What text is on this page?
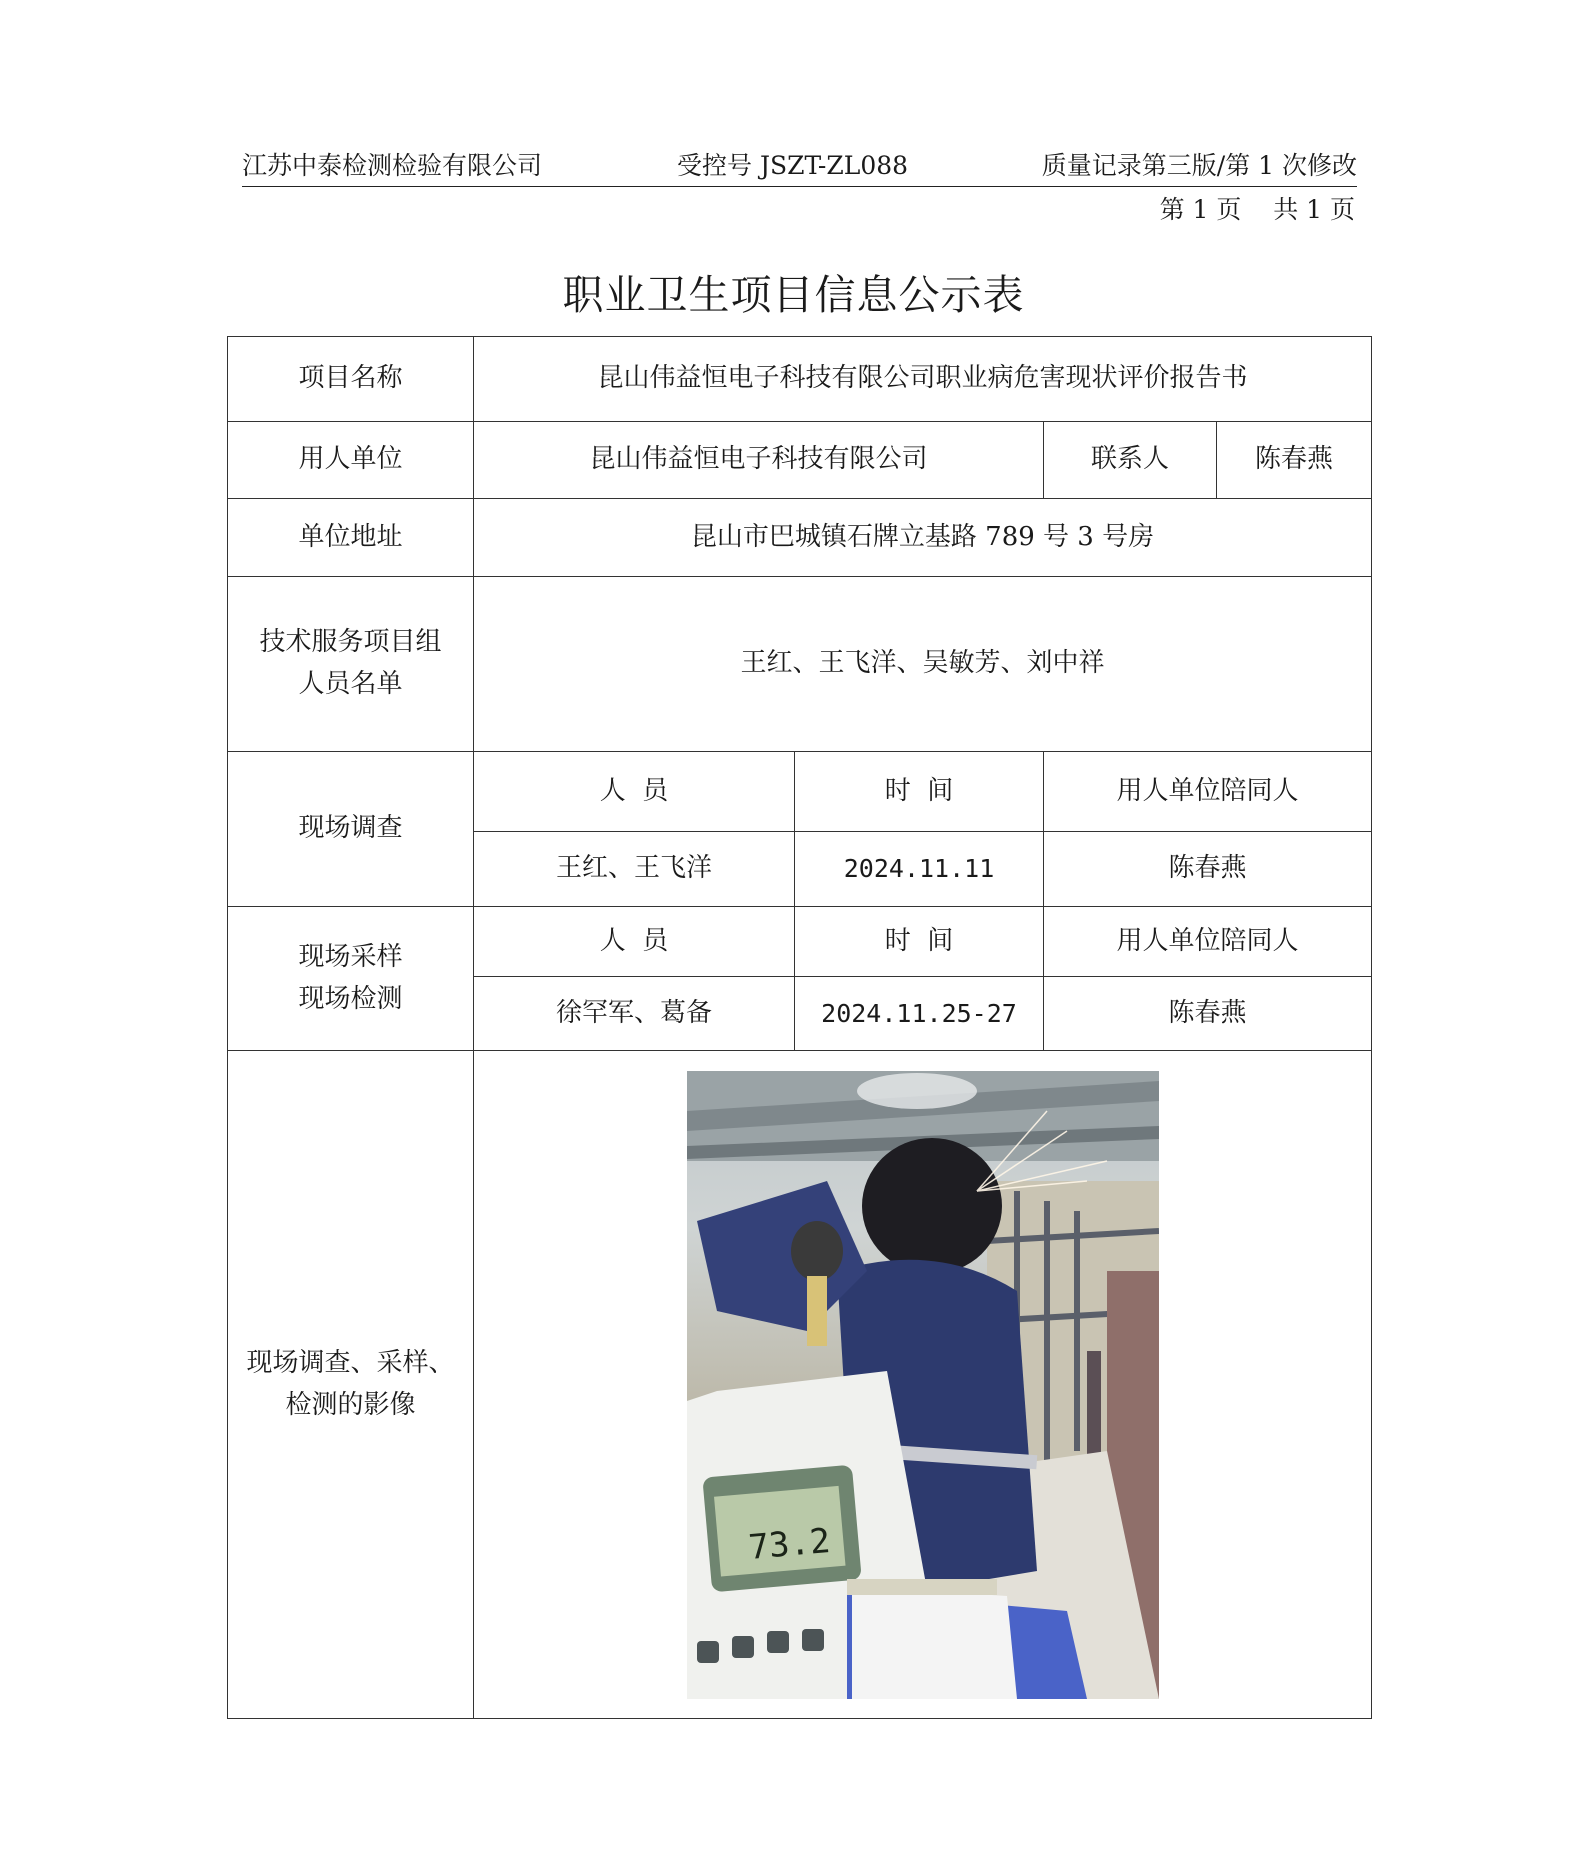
江苏中泰检测检验有限公司	受控号 JSZT-ZL088	质量记录第三版/第 1 次修改
第 1 页    共 1 页
职业卫生项目信息公示表
项目名称	昆山伟益恒电子科技有限公司职业病危害现状评价报告书			
用人单位	昆山伟益恒电子科技有限公司		联系人	陈春燕
单位地址	昆山市巴城镇石牌立基路 789 号 3 号房			

技术服务项目组
人员名单	王红、王飞洋、吴敏芳、刘中祥			
现场调查	人  员	时  间	用人单位陪同人	
	王红、王飞洋	2024.11.11	陈春燕	

现场采样
现场检测	人  员	时  间	用人单位陪同人	
	徐罕军、葛备	2024.11.25-27	陈春燕	

现场调查、采样、
检测的影像	73.2			
